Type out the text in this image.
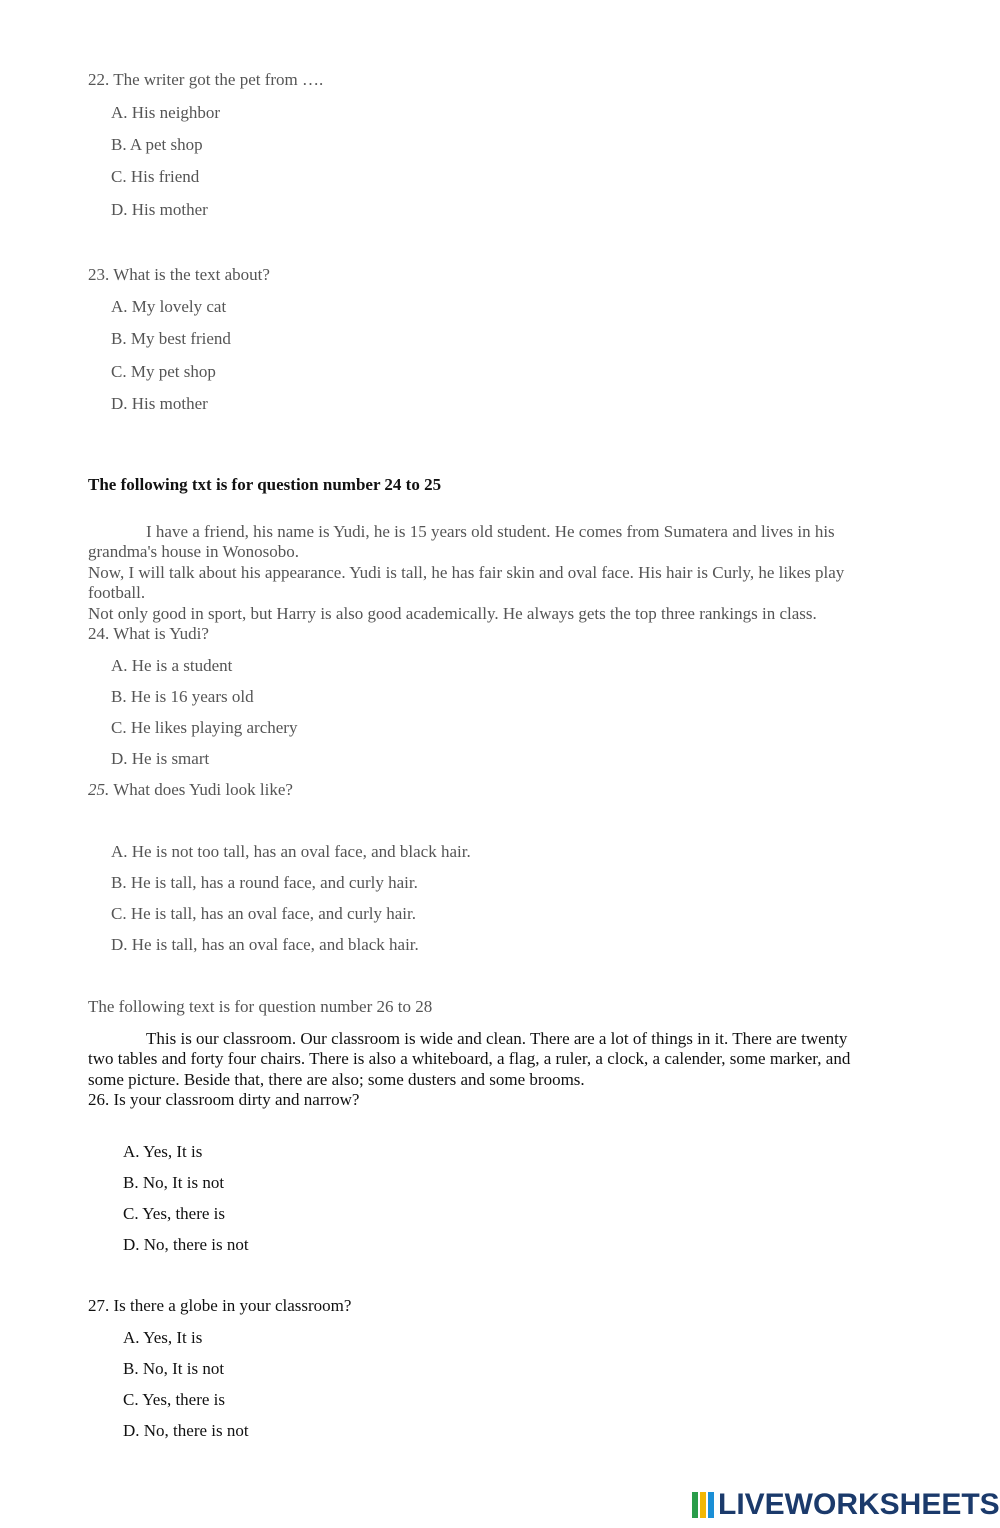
22. The writer got the pet from ….
A. His neighbor
B. A pet shop
C. His friend
D. His mother
23. What is the text about?
A. My lovely cat
B. My best friend
C. My pet shop
D. His mother
The following txt is for question number 24 to 25
I have a friend, his name is Yudi, he is 15 years old student. He comes from Sumatera and lives in his
grandma's house in Wonosobo.
Now, I will talk about his appearance. Yudi is tall, he has fair skin and oval face. His hair is Curly, he likes play
football.
Not only good in sport, but Harry is also good academically. He always gets the top three rankings in class.
24. What is Yudi?
A. He is a student
B. He is 16 years old
C. He likes playing archery
D. He is smart
25. What does Yudi look like?
A. He is not too tall, has an oval face, and black hair.
B. He is tall, has a round face, and curly hair.
C. He is tall, has an oval face, and curly hair.
D. He is tall, has an oval face, and black hair.
The following text is for question number 26 to 28
This is our classroom. Our classroom is wide and clean. There are a lot of things in it. There are twenty
two tables and forty four chairs. There is also a whiteboard, a flag, a ruler, a clock, a calender, some marker, and
some picture. Beside that, there are also; some dusters and some brooms.
26. Is your classroom dirty and narrow?
A. Yes, It is
B. No, It is not
C. Yes, there is
D. No, there is not
27. Is there a globe in your classroom?
A. Yes, It is
B. No, It is not
C. Yes, there is
D. No, there is not
LIVEWORKSHEETS
